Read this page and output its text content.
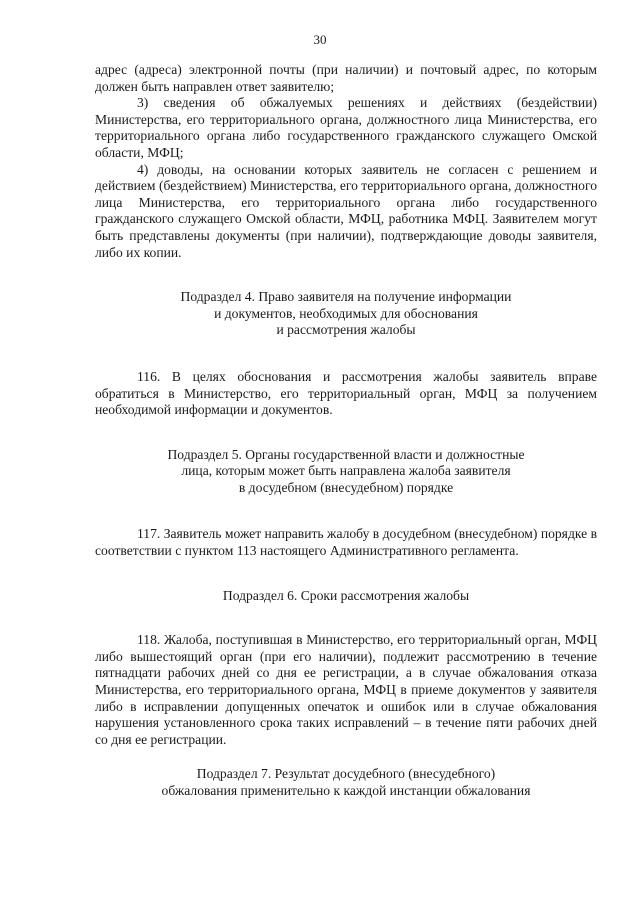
30

адрес (адреса) электронной почты (при наличии) и почтовый адрес, по которым должен быть направлен ответ заявителю;

3) сведения об обжалуемых решениях и действиях (бездействии) Министерства, его территориального органа, должностного лица Министерства, его территориального органа либо государственного гражданского служащего Омской области, МФЦ;

4) доводы, на основании которых заявитель не согласен с решением и действием (бездействием) Министерства, его территориального органа, должностного лица Министерства, его территориального органа либо государственного гражданского служащего Омской области, МФЦ, работника МФЦ. Заявителем могут быть представлены документы (при наличии), подтверждающие доводы заявителя, либо их копии.

Подраздел 4. Право заявителя на получение информации
и документов, необходимых для обоснования
и рассмотрения жалобы

116. В целях обоснования и рассмотрения жалобы заявитель вправе обратиться в Министерство, его территориальный орган, МФЦ за получением необходимой информации и документов.

Подраздел 5. Органы государственной власти и должностные
лица, которым может быть направлена жалоба заявителя
в досудебном (внесудебном) порядке

117. Заявитель может направить жалобу в досудебном (внесудебном) порядке в соответствии с пунктом 113 настоящего Административного регламента.

Подраздел 6. Сроки рассмотрения жалобы

118. Жалоба, поступившая в Министерство, его территориальный орган, МФЦ либо вышестоящий орган (при его наличии), подлежит рассмотрению в течение пятнадцати рабочих дней со дня ее регистрации, а в случае обжалования отказа Министерства, его территориального органа, МФЦ в приеме документов у заявителя либо в исправлении допущенных опечаток и ошибок или в случае обжалования нарушения установленного срока таких исправлений – в течение пяти рабочих дней со дня ее регистрации.

Подраздел 7. Результат досудебного (внесудебного)
обжалования применительно к каждой инстанции обжалования
